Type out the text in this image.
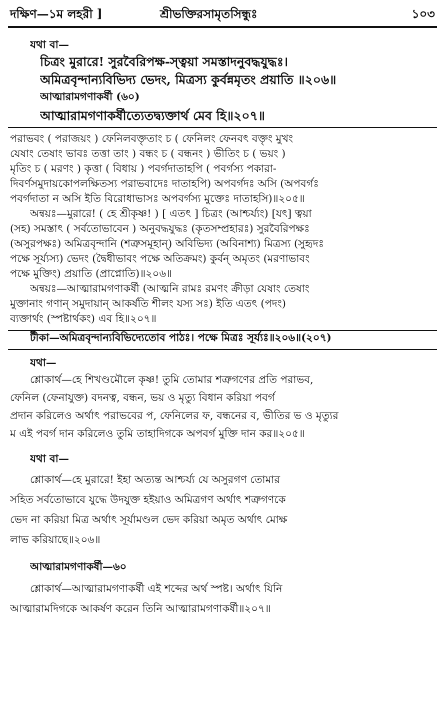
দক্ষিণ—১ম লহরী ]	শ্রীভক্তিরসামৃতসিন্ধুঃ	১০৩
যথা বা—
চিত্রং মুরারে! সুরবৈরিপক্ষ-স্ত্বয়া সমস্তাদনুবদ্ধযুদ্ধঃ।
অমিত্রবৃন্দান্যবিভিদ্য ভেদং, মিত্রস্য কুর্বন্নমৃতং প্রয়াতি ॥২০৬॥
আত্মারামগণাকর্ষী (৬০)
আত্মারামগণাকর্ষীত্যেতদ্ব্যক্তার্থ মেব হি॥২০৭॥
পরাভবং ( পরাজয়ং ) ফেনিলবক্তৃতাং চ ( ফেনিলং ফেনবৎ বক্তৃং মুখং
যেষাং তেষাং ভাবঃ তত্তা তাং ) বন্ধং চ ( বন্ধনং ) ভীতিং চ ( ভয়ং )
মৃতিং চ ( মরণং ) কৃত্তা ( বিধায় ) পবর্গদাতাহপি ( পবর্গস্য পকারা-
দিবর্ণসমুদায়কোপলক্ষিতস্য পরাভবাদেঃ দাতাহপি) অপবর্গদঃ অসি (অপবর্গঃ
পবর্গদাতা ন অসি ইতি বিরোধাভাসঃ অপবর্গস্য মুক্তেঃ দাতাহসি)॥২০৫॥
অন্বয়ঃ—মুরারে! ( হে শ্রীকৃষ্ণ! ) [ এতৎ ] চিত্রং (আশ্চর্য্যং) [যৎ] ত্বয়া
(সহ) সমস্তাৎ ( সর্বতোভাবেন ) অনুবদ্ধযুদ্ধঃ (কৃতসম্প্রহারঃ) সুরবৈরিপক্ষঃ
(অসুরপক্ষঃ) অমিত্রবৃন্দানি (শত্রুসমূহান্) অবিভিদ্য (অবিনাশ্য) মিত্রস্য (সুহৃদঃ
পক্ষে সূর্য্যস্য) ভেদং (দ্বৈধীভাবং পক্ষে অতিক্রমং) কুর্বন্ অমৃতং (মরণাভাবং
পক্ষে মুক্তিং) প্রয়াতি (প্রাপ্নোতি)॥২০৬॥
অন্বয়ঃ—আত্মারামগণাকর্ষী (আত্মনি রামঃ রমণং ক্রীড়া যেষাং তেষাং
মুক্তানাং গণান্ সমুদায়ান্ আকর্ষতি শীলং যস্য সঃ) ইতি এতৎ (পদং)
ব্যক্তার্থং (স্পষ্টার্থকং) এব হি॥২০৭॥
টীকা—অমিত্রবৃন্দান্যবিভিদ্যেতোব পাঠঃ। পক্ষে মিত্রঃ সূর্য্যঃ॥২০৬॥(২০৭)
যথা—
শ্লোকার্থ—হে শিখণ্ডমৌলে কৃষ্ণ! তুমি তোমার শত্রুগণের প্রতি পরাভব,
ফেনিল (ফেনাযুক্ত) বদনত্ব, বন্ধন, ভয় ও মৃত্যু বিধান করিয়া পবর্গ
প্রদান করিলেও অর্থাৎ পরাভবের প, ফেনিলের ফ, বন্ধনের ব, ভীতির ভ ও মৃত্যুর
ম এই পবর্গ দান করিলেও তুমি তাহাদিগকে অপবর্গ মুক্তি দান কর॥২০৫॥
যথা বা—
শ্লোকার্থ—হে মুরারে! ইহা অত্যন্ত আশ্চর্য্য যে অসুরগণ তোমার
সহিত সর্বতোভাবে যুদ্ধে উদযুক্ত হইয়াও অমিত্রগণ অর্থাৎ শত্রুগণকে
ভেদ না করিয়া মিত্র অর্থাৎ সূর্যামণ্ডল ভেদ করিয়া অমৃত অর্থাৎ মোক্ষ
লাভ করিয়াছে॥২০৬॥
আত্মারামগণাকর্ষী—৬০
শ্লোকার্থ—আত্মারামগণাকর্ষী এই শব্দের অর্থ স্পষ্ট। অর্থাৎ যিনি
আত্মারামদিগকে আকর্ষণ করেন তিনি আত্মারামগণাকর্ষী॥২০৭॥
